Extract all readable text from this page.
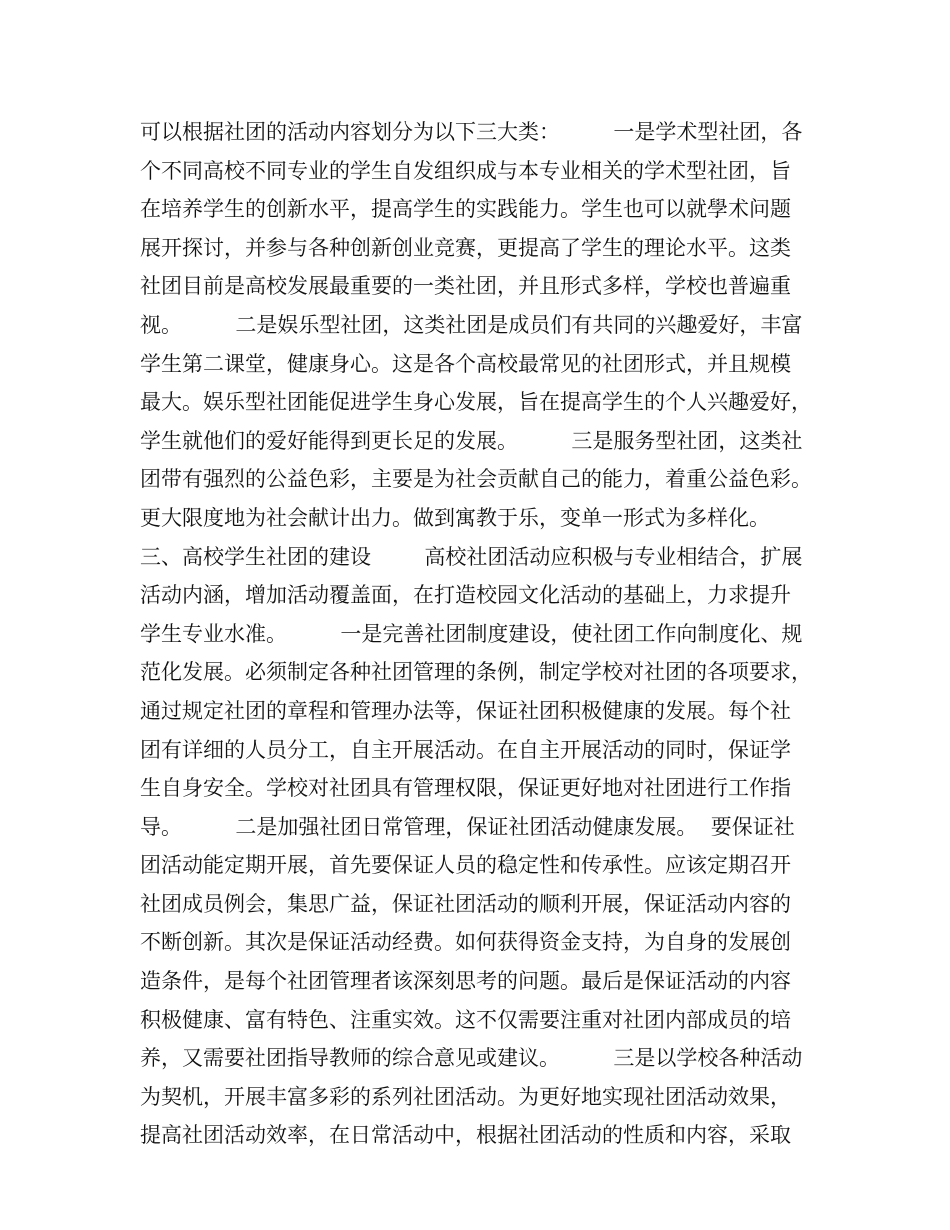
可以根据社团的活动内容划分为以下三大类：        一是学术型社团，各
个不同高校不同专业的学生自发组织成与本专业相关的学术型社团，旨
在培养学生的创新水平，提高学生的实践能力。学生也可以就學术问题
展开探讨，并参与各种创新创业竞赛，更提高了学生的理论水平。这类
社团目前是高校发展最重要的一类社团，并且形式多样，学校也普遍重
视。        二是娱乐型社团，这类社团是成员们有共同的兴趣爱好，丰富
学生第二课堂，健康身心。这是各个高校最常见的社团形式，并且规模
最大。娱乐型社团能促进学生身心发展，旨在提高学生的个人兴趣爱好，
学生就他们的爱好能得到更长足的发展。        三是服务型社团，这类社
团带有强烈的公益色彩，主要是为社会贡献自己的能力，着重公益色彩。
更大限度地为社会献计出力。做到寓教于乐，变单一形式为多样化。
三、高校学生社团的建设        高校社团活动应积极与专业相结合，扩展
活动内涵，增加活动覆盖面，在打造校园文化活动的基础上，力求提升
学生专业水准。        一是完善社团制度建设，使社团工作向制度化、规
范化发展。必须制定各种社团管理的条例，制定学校对社团的各项要求，
通过规定社团的章程和管理办法等，保证社团积极健康的发展。每个社
团有详细的人员分工，自主开展活动。在自主开展活动的同时，保证学
生自身安全。学校对社团具有管理权限，保证更好地对社团进行工作指
导。        二是加强社团日常管理，保证社团活动健康发展。  要保证社
团活动能定期开展，首先要保证人员的稳定性和传承性。应该定期召开
社团成员例会，集思广益，保证社团活动的顺利开展，保证活动内容的
不断创新。其次是保证活动经费。如何获得资金支持，为自身的发展创
造条件，是每个社团管理者该深刻思考的问题。最后是保证活动的内容
积极健康、富有特色、注重实效。这不仅需要注重对社团内部成员的培
养，又需要社团指导教师的综合意见或建议。        三是以学校各种活动
为契机，开展丰富多彩的系列社团活动。为更好地实现社团活动效果，
提高社团活动效率，在日常活动中，根据社团活动的性质和内容，采取
